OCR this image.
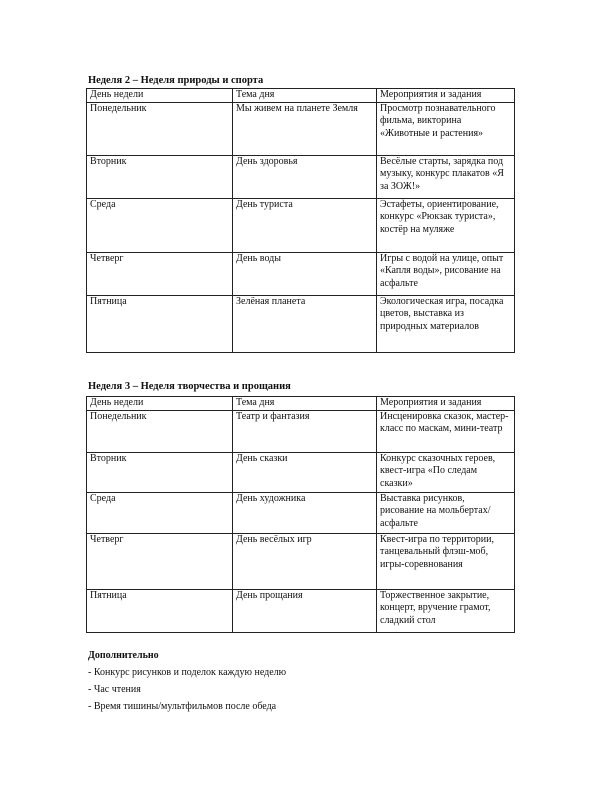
Неделя 2 – Неделя природы и спорта
День недели	Тема дня	Мероприятия и задания
Понедельник	Мы живем на планете Земля	Просмотр познавательного фильма, викторина «Животные и растения»
Вторник	День здоровья	Весёлые старты, зарядка под музыку, конкурс плакатов «Я за ЗОЖ!»
Среда	День туриста	Эстафеты, ориентирование, конкурс «Рюкзак туриста», костёр на муляже
Четверг	День воды	Игры с водой на улице, опыт «Капля воды», рисование на асфальте
Пятница	Зелёная планета	Экологическая игра, посадка цветов, выставка из природных материалов
Неделя 3 – Неделя творчества и прощания
День недели	Тема дня	Мероприятия и задания
Понедельник	Театр и фантазия	Инсценировка сказок, мастер-класс по маскам, мини-театр
Вторник	День сказки	Конкурс сказочных героев, квест-игра «По следам сказки»
Среда	День художника	Выставка рисунков, рисование на мольбертах/асфальте
Четверг	День весёлых игр	Квест-игра по территории, танцевальный флэш-моб, игры-соревнования
Пятница	День прощания	Торжественное закрытие, концерт, вручение грамот, сладкий стол
Дополнительно
- Конкурс рисунков и поделок каждую неделю
- Час чтения
- Время тишины/мультфильмов после обеда
